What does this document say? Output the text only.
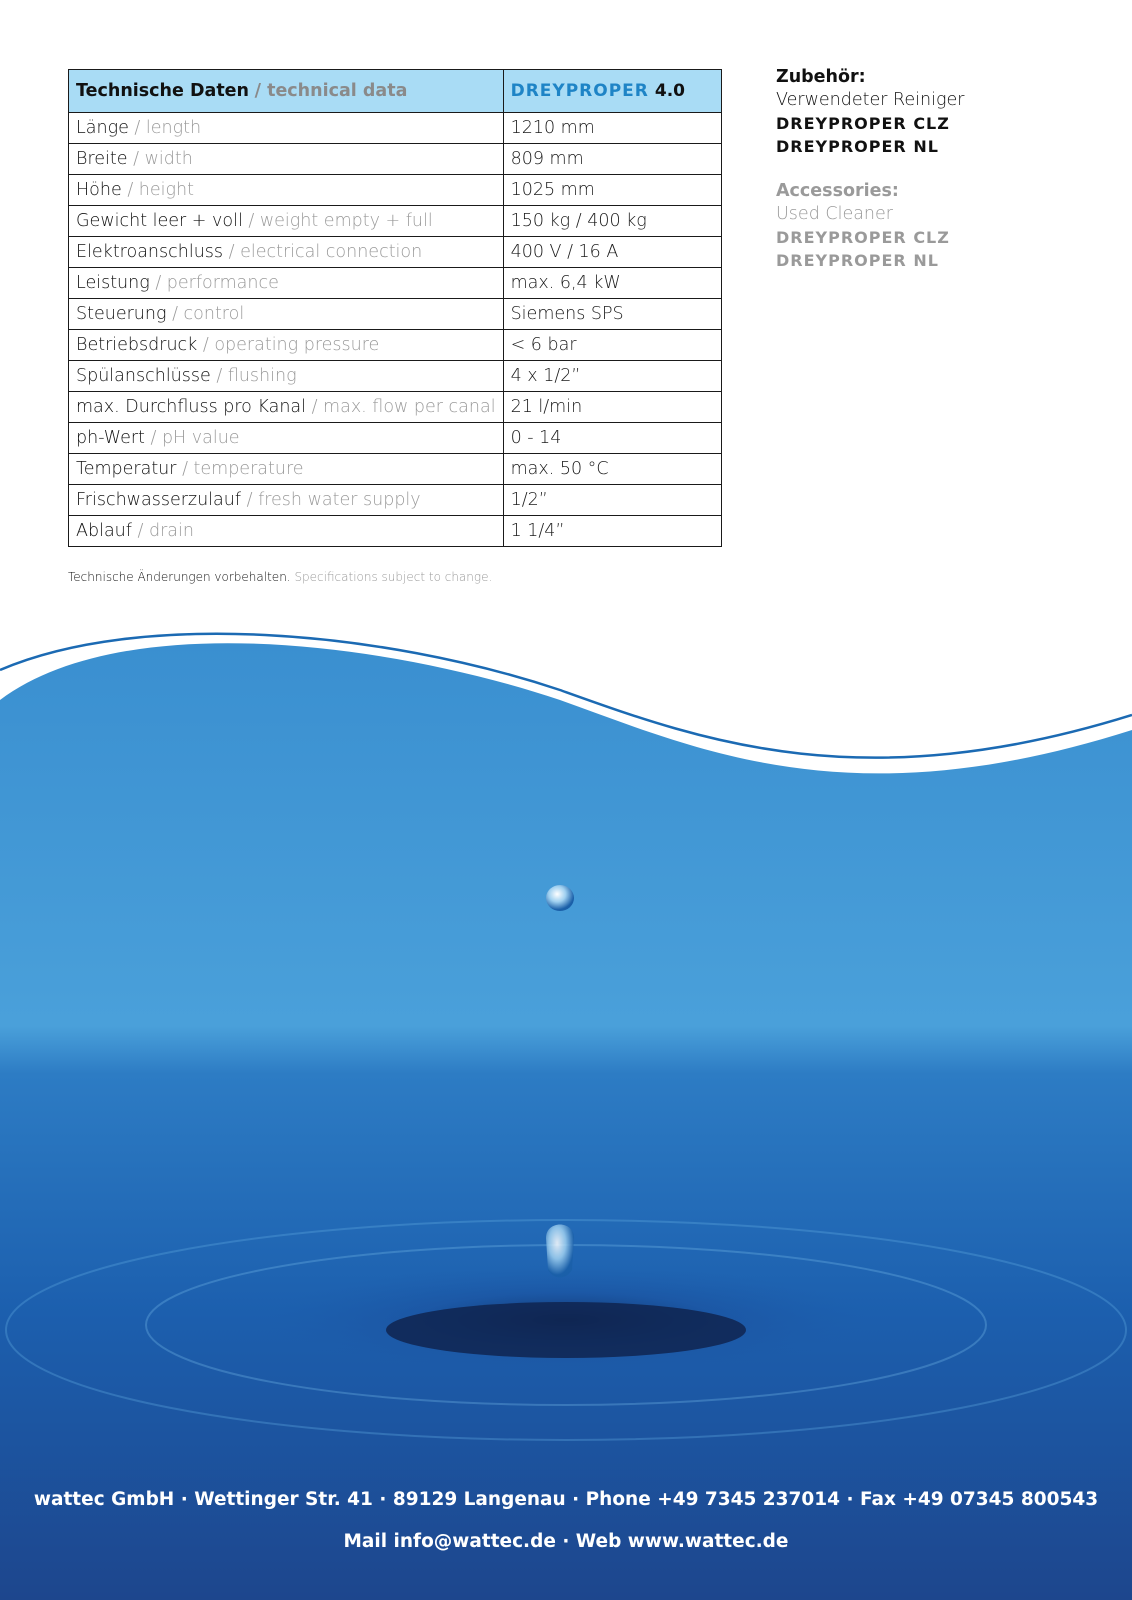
Technische Daten / technical data	DREYPROPER 4.0
Länge / length	1210 mm
Breite / width	809 mm
Höhe / height	1025 mm
Gewicht leer + voll / weight empty + full	150 kg / 400 kg
Elektroanschluss / electrical connection	400 V / 16 A
Leistung / performance	max. 6,4 kW
Steuerung / control	Siemens SPS
Betriebsdruck / operating pressure	< 6 bar
Spülanschlüsse / flushing	4 x 1/2”
max. Durchfluss pro Kanal / max. flow per canal	21 l/min
ph-Wert / pH value	0 - 14
Temperatur / temperature	max. 50 °C
Frischwasserzulauf / fresh water supply	1/2”
Ablauf / drain	1 1/4”
Technische Änderungen vorbehalten. Specifications subject to change.
Zubehör:
Verwendeter Reiniger
DREYPROPER CLZ
DREYPROPER NL
Accessories:
Used Cleaner
DREYPROPER CLZ
DREYPROPER NL
wattec GmbH · Wettinger Str. 41 · 89129 Langenau · Phone +49 7345 237014 · Fax +49 07345 800543
Mail info@wattec.de · Web www.wattec.de
